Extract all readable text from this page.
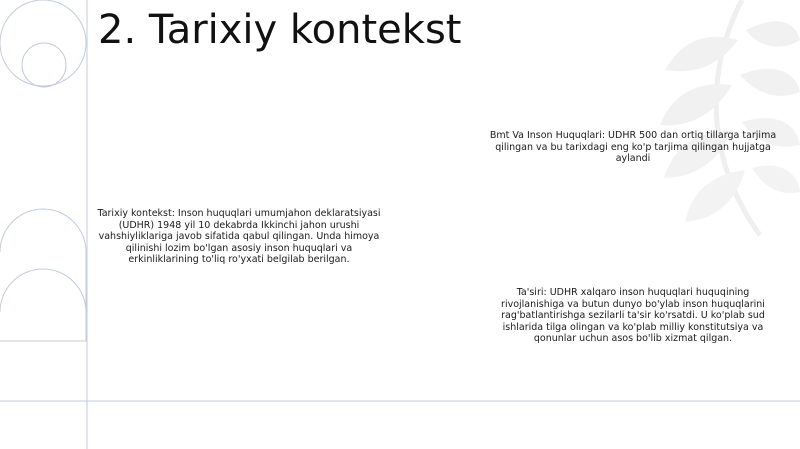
2. Tarixiy kontekst

Tarixiy kontekst: Inson huquqlari umumjahon deklaratsiyasi (UDHR) 1948 yil 10 dekabrda Ikkinchi jahon urushi vahshiyliklariga javob sifatida qabul qilingan. Unda himoya qilinishi lozim bo'lgan asosiy inson huquqlari va erkinliklarining to'liq ro'yxati belgilab berilgan.

Bmt Va Inson Huquqlari: UDHR 500 dan ortiq tillarga tarjima qilingan va bu tarixdagi eng ko'p tarjima qilingan hujjatga aylandi

Ta'siri: UDHR xalqaro inson huquqlari huquqining rivojlanishiga va butun dunyo bo'ylab inson huquqlarini rag'batlantirishga sezilarli ta'sir ko'rsatdi. U ko'plab sud ishlarida tilga olingan va ko'plab milliy konstitutsiya va qonunlar uchun asos bo'lib xizmat qilgan.
